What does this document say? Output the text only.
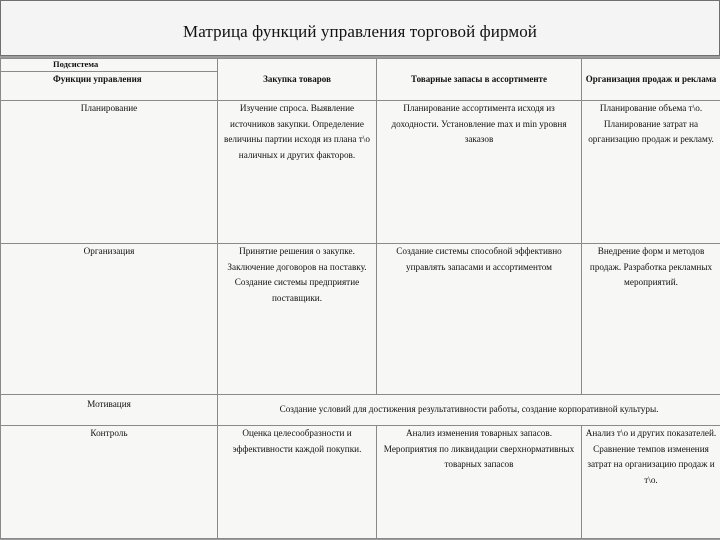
Матрица функций управления торговой фирмой
Подсистема	Закупка товаров	Товарные запасы в ассортименте	Организация продаж и реклама
Функции управления			
Планирование	Изучение спроса. Выявление источников закупки. Определение величины партии исходя из плана т\о наличных и других факторов.	Планирование ассортимента исходя из доходности. Установление max и min уровня заказов	Планирование объема т\о. Планирование затрат на организацию продаж и рекламу.
Организация	Принятие решения о закупке. Заключение договоров на поставку. Создание системы предприятие поставщики.	Создание системы способной эффективно управлять запасами и ассортиментом	Внедрение форм и методов продаж. Разработка рекламных мероприятий.
Мотивация	Создание условий для достижения результативности работы, создание корпоративной культуры.		
Контроль	Оценка целесообразности и эффективности каждой покупки.	Анализ изменения товарных запасов. Мероприятия по ликвидации сверхнормативных товарных запасов	Анализ т\о и других показателей. Сравнение темпов изменения затрат на организацию продаж и т\о.
